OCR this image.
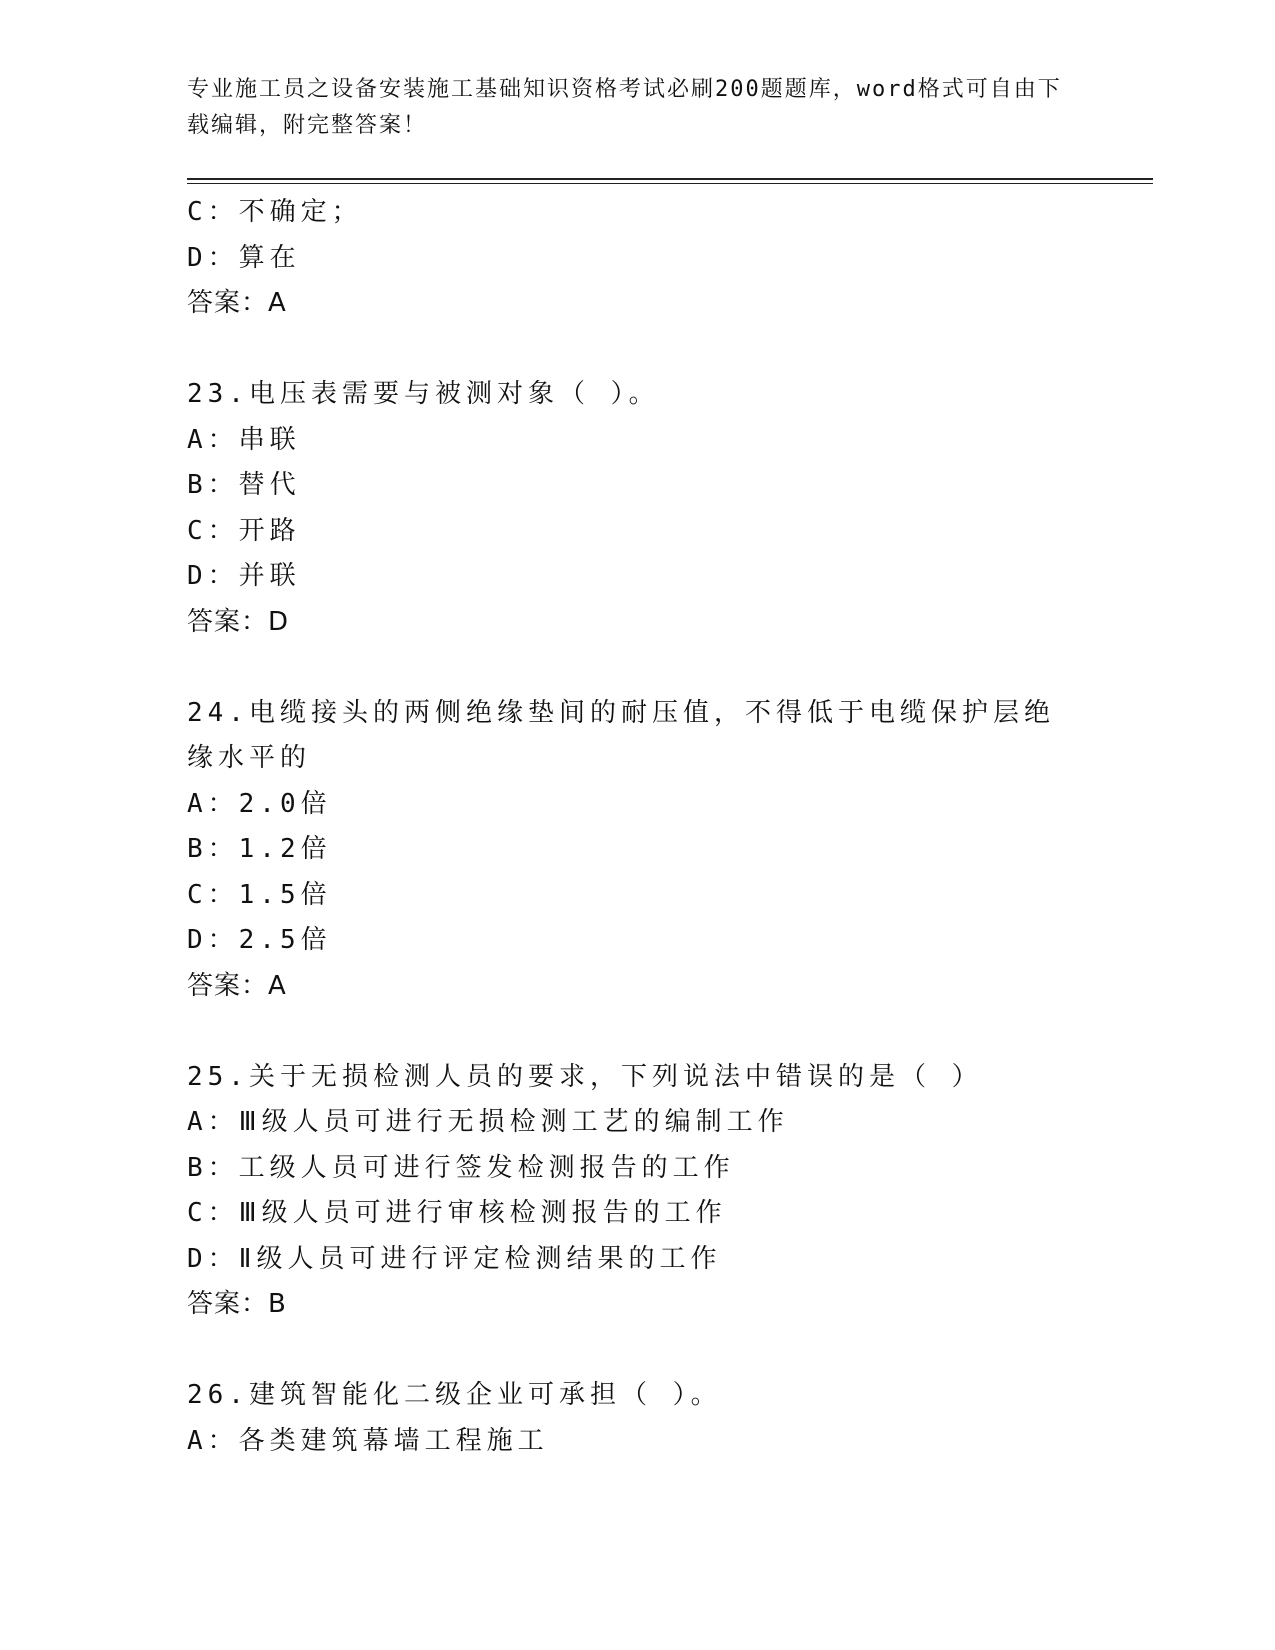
专业施工员之设备安装施工基础知识资格考试必刷200题题库，word格式可自由下载编辑，附完整答案！
C：不确定；
D：算在
答案：A
23.电压表需要与被测对象（ ）。
A：串联
B：替代
C：开路
D：并联
答案：D
24.电缆接头的两侧绝缘垫间的耐压值，不得低于电缆保护层绝缘水平的
A：2.0倍
B：1.2倍
C：1.5倍
D：2.5倍
答案：A
25.关于无损检测人员的要求，下列说法中错误的是（ ）
A：Ⅲ级人员可进行无损检测工艺的编制工作
B：工级人员可进行签发检测报告的工作
C：Ⅲ级人员可进行审核检测报告的工作
D：Ⅱ级人员可进行评定检测结果的工作
答案：B
26.建筑智能化二级企业可承担（ ）。
A：各类建筑幕墙工程施工
